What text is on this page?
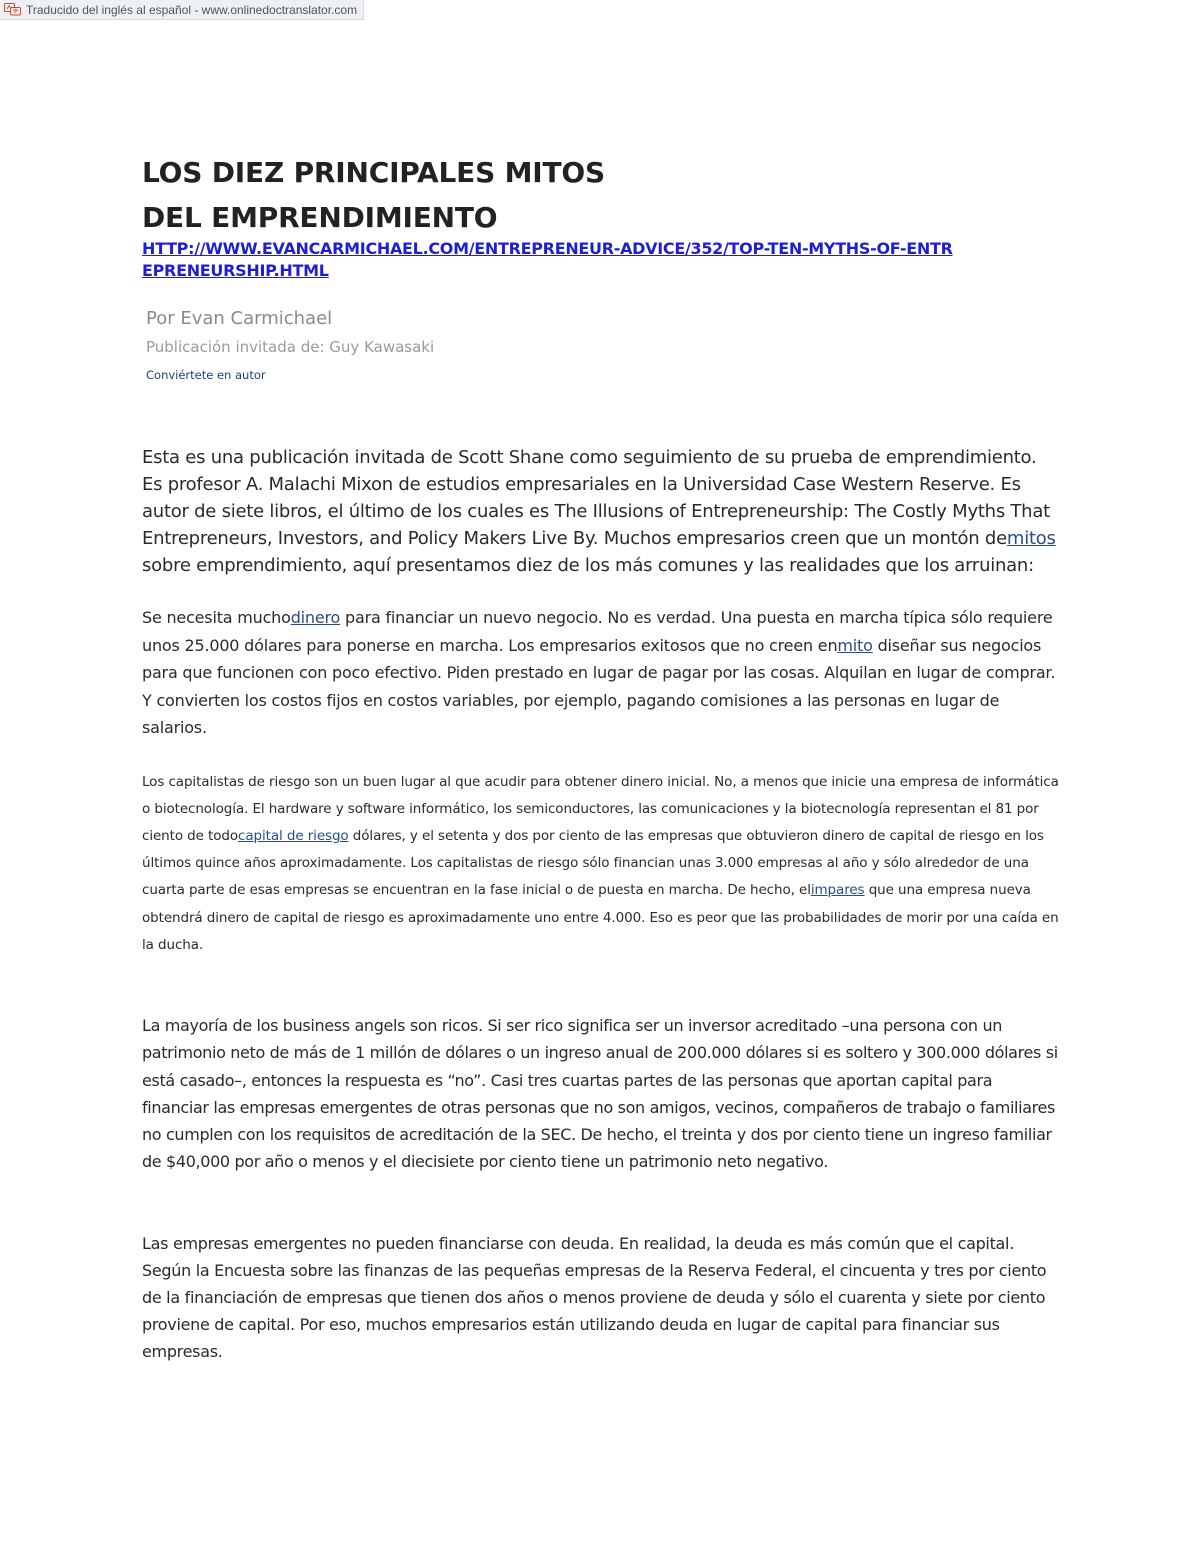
Traducido del inglés al español - www.onlinedoctranslator.com
LOS DIEZ PRINCIPALES MITOS
DEL EMPRENDIMIENTO
HTTP://WWW.EVANCARMICHAEL.COM/ENTREPRENEUR-ADVICE/352/TOP-TEN-MYTHS-OF-ENTREPRENEURSHIP.HTML
Por Evan Carmichael
Publicación invitada de: Guy Kawasaki
Conviértete en autor

Esta es una publicación invitada de Scott Shane como seguimiento de su prueba de emprendimiento. Es profesor A. Malachi Mixon de estudios empresariales en la Universidad Case Western Reserve. Es autor de siete libros, el último de los cuales es The Illusions of Entrepreneurship: The Costly Myths That Entrepreneurs, Investors, and Policy Makers Live By. Muchos empresarios creen que un montón demitos sobre emprendimiento, aquí presentamos diez de los más comunes y las realidades que los arruinan:

Se necesita muchodinero para financiar un nuevo negocio. No es verdad. Una puesta en marcha típica sólo requiere unos 25.000 dólares para ponerse en marcha. Los empresarios exitosos que no creen enmito diseñar sus negocios para que funcionen con poco efectivo. Piden prestado en lugar de pagar por las cosas. Alquilan en lugar de comprar. Y convierten los costos fijos en costos variables, por ejemplo, pagando comisiones a las personas en lugar de salarios.

Los capitalistas de riesgo son un buen lugar al que acudir para obtener dinero inicial. No, a menos que inicie una empresa de informática o biotecnología. El hardware y software informático, los semiconductores, las comunicaciones y la biotecnología representan el 81 por ciento de todocapital de riesgo dólares, y el setenta y dos por ciento de las empresas que obtuvieron dinero de capital de riesgo en los últimos quince años aproximadamente. Los capitalistas de riesgo sólo financian unas 3.000 empresas al año y sólo alrededor de una cuarta parte de esas empresas se encuentran en la fase inicial o de puesta en marcha. De hecho, elimpares que una empresa nueva obtendrá dinero de capital de riesgo es aproximadamente uno entre 4.000. Eso es peor que las probabilidades de morir por una caída en la ducha.

La mayoría de los business angels son ricos. Si ser rico significa ser un inversor acreditado –una persona con un patrimonio neto de más de 1 millón de dólares o un ingreso anual de 200.000 dólares si es soltero y 300.000 dólares si está casado–, entonces la respuesta es “no”. Casi tres cuartas partes de las personas que aportan capital para financiar las empresas emergentes de otras personas que no son amigos, vecinos, compañeros de trabajo o familiares no cumplen con los requisitos de acreditación de la SEC. De hecho, el treinta y dos por ciento tiene un ingreso familiar de $40,000 por año o menos y el diecisiete por ciento tiene un patrimonio neto negativo.

Las empresas emergentes no pueden financiarse con deuda. En realidad, la deuda es más común que el capital. Según la Encuesta sobre las finanzas de las pequeñas empresas de la Reserva Federal, el cincuenta y tres por ciento de la financiación de empresas que tienen dos años o menos proviene de deuda y sólo el cuarenta y siete por ciento proviene de capital. Por eso, muchos empresarios están utilizando deuda en lugar de capital para financiar sus empresas.
